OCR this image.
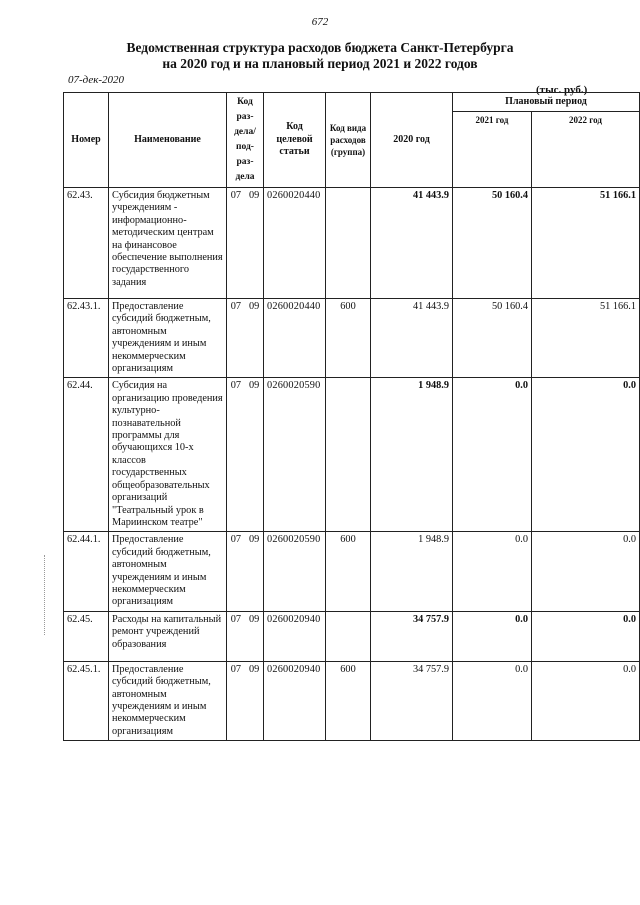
672
Ведомственная структура расходов бюджета Санкт-Петербурга
на 2020 год и на плановый период 2021 и 2022 годов
07-дек-2020
(тыс. руб.)
Номер	Наименование	Код раз-дела/ под-раз-дела	Код целевой статьи	Код вида расходов (группа)	2020 год	Плановый период	
						2021 год	2022 год
62.43.	Субсидия бюджетным учреждениям - информационно-методическим центрам на финансовое обеспечение выполнения государственного задания	07 09	0260020440		41 443.9	50 160.4	51 166.1
62.43.1.	Предоставление субсидий бюджетным, автономным учреждениям и иным некоммерческим организациям	07 09	0260020440	600	41 443.9	50 160.4	51 166.1
62.44.	Субсидия на организацию проведения культурно-познавательной программы для обучающихся 10-х классов государственных общеобразовательных организаций "Театральный урок в Мариинском театре"	07 09	0260020590		1 948.9	0.0	0.0
62.44.1.	Предоставление субсидий бюджетным, автономным учреждениям и иным некоммерческим организациям	07 09	0260020590	600	1 948.9	0.0	0.0
62.45.	Расходы на капитальный ремонт учреждений образования	07 09	0260020940		34 757.9	0.0	0.0
62.45.1.	Предоставление субсидий бюджетным, автономным учреждениям и иным некоммерческим организациям	07 09	0260020940	600	34 757.9	0.0	0.0
